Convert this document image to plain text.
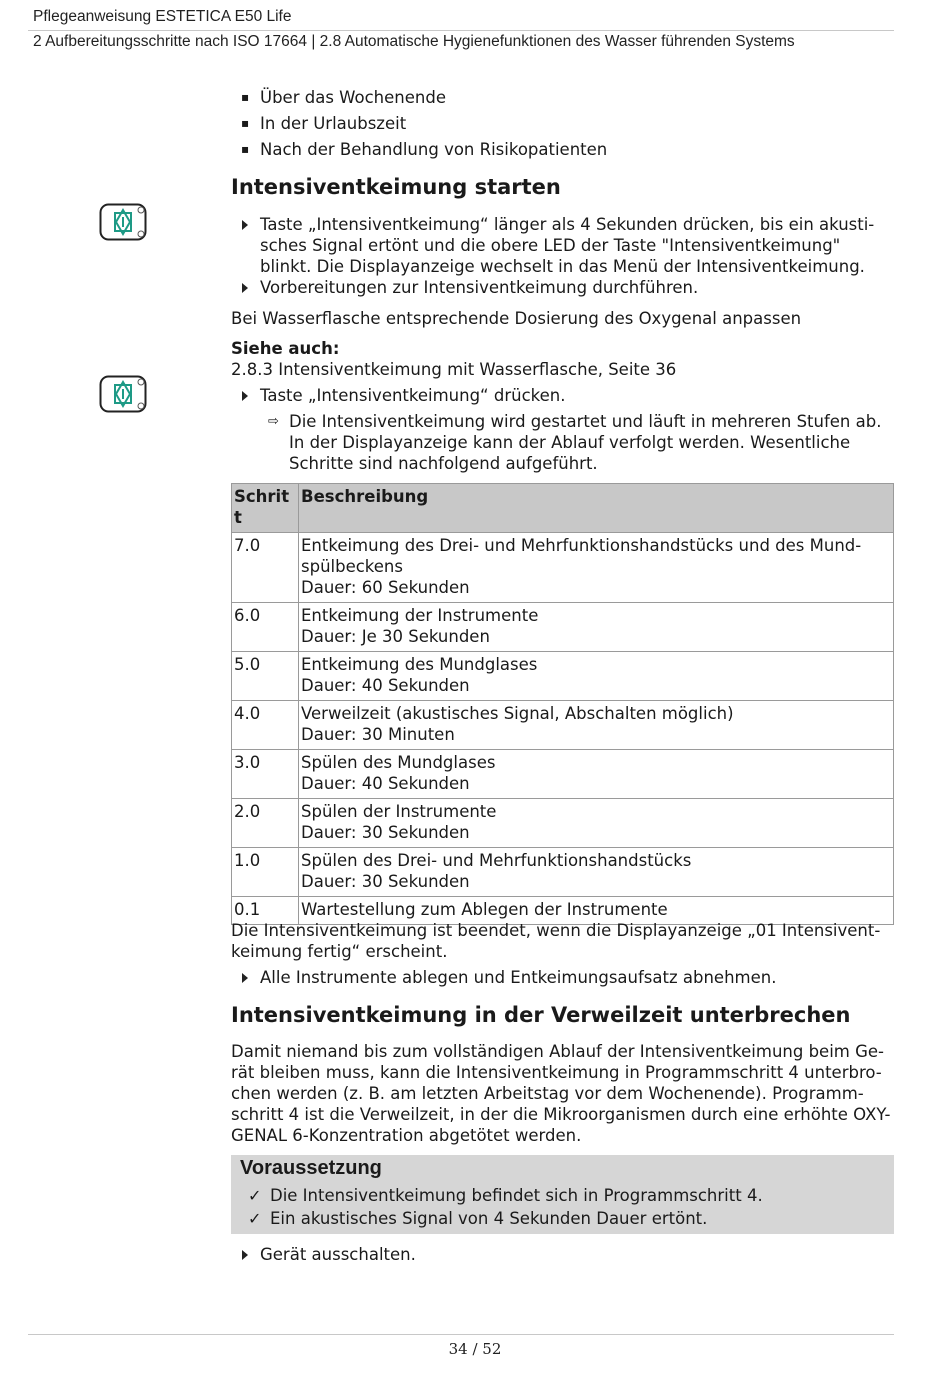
Pflegeanweisung ESTETICA E50 Life
2 Aufbereitungsschritte nach ISO 17664 | 2.8 Automatische Hygienefunktionen des Wasser führenden Systems
▪ Über das Wochenende
▪ In der Urlaubszeit
▪ Nach der Behandlung von Risikopatienten
Intensiventkeimung starten
Taste „Intensiventkeimung“ länger als 4 Sekunden drücken, bis ein akusti-
sches Signal ertönt und die obere LED der Taste "Intensiventkeimung"
blinkt. Die Displayanzeige wechselt in das Menü der Intensiventkeimung.
Vorbereitungen zur Intensiventkeimung durchführen.
Bei Wasserflasche entsprechende Dosierung des Oxygenal anpassen
Siehe auch:
2.8.3 Intensiventkeimung mit Wasserflasche, Seite 36
Taste „Intensiventkeimung“ drücken.
⇨ Die Intensiventkeimung wird gestartet und läuft in mehreren Stufen ab.
In der Displayanzeige kann der Ablauf verfolgt werden. Wesentliche
Schritte sind nachfolgend aufgeführt.
Schrit
t	Beschreibung
7.0	Entkeimung des Drei- und Mehrfunktionshandstücks und des Mund-
spülbeckens
Dauer: 60 Sekunden
6.0	Entkeimung der Instrumente
Dauer: Je 30 Sekunden
5.0	Entkeimung des Mundglases
Dauer: 40 Sekunden
4.0	Verweilzeit (akustisches Signal, Abschalten möglich)
Dauer: 30 Minuten
3.0	Spülen des Mundglases
Dauer: 40 Sekunden
2.0	Spülen der Instrumente
Dauer: 30 Sekunden
1.0	Spülen des Drei- und Mehrfunktionshandstücks
Dauer: 30 Sekunden
0.1	Wartestellung zum Ablegen der Instrumente
Die Intensiventkeimung ist beendet, wenn die Displayanzeige „01 Intensivent-
keimung fertig“ erscheint.
Alle Instrumente ablegen und Entkeimungsaufsatz abnehmen.
Intensiventkeimung in der Verweilzeit unterbrechen
Damit niemand bis zum vollständigen Ablauf der Intensiventkeimung beim Ge-
rät bleiben muss, kann die Intensiventkeimung in Programmschritt 4 unterbro-
chen werden (z. B. am letzten Arbeitstag vor dem Wochenende). Programm-
schritt 4 ist die Verweilzeit, in der die Mikroorganismen durch eine erhöhte OXY-
GENAL 6-Konzentration abgetötet werden.
Voraussetzung
✓ Die Intensiventkeimung befindet sich in Programmschritt 4.
✓ Ein akustisches Signal von 4 Sekunden Dauer ertönt.
Gerät ausschalten.
34 / 52
